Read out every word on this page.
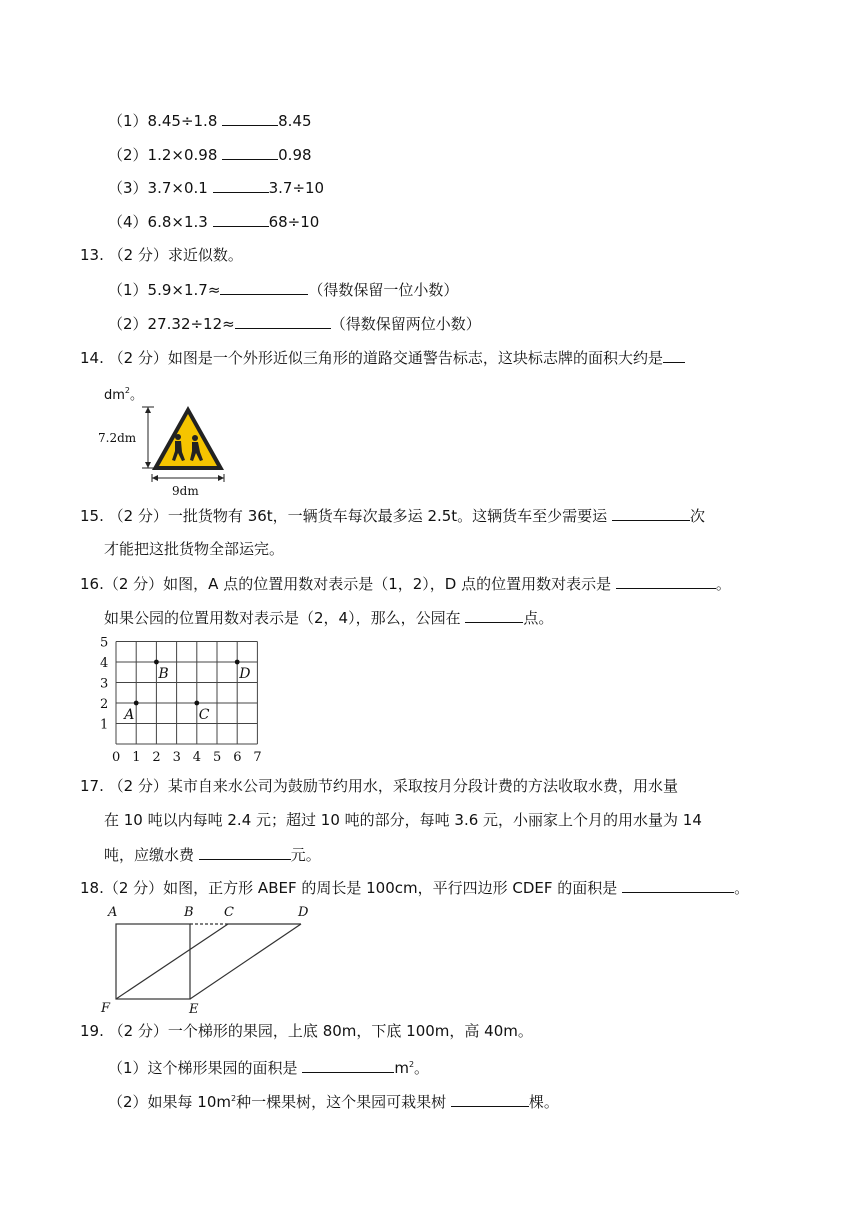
（1）8.45÷1.8	8.45
（2）1.2×0.98	0.98
（3）3.7×0.1	3.7÷10
（4）6.8×1.3	68÷10
13. （2 分）求近似数。
（1）5.9×1.7≈	（得数保留一位小数）
（2）27.32÷12≈	（得数保留两位小数）
14. （2 分）如图是一个外形近似三角形的道路交通警告标志，这块标志牌的面积大约是
$dm^2$。
7.2dm
9dm
15. （2 分）一批货物有 36t，一辆货车每次最多运 2.5t。这辆货车至少需要运	次
才能把这批货物全部运完。
16.（2 分）如图，A 点的位置用数对表示是（1，2），D 点的位置用数对表示是	。
如果公园的位置用数对表示是（2，4），那么，公园在	点。
0 1 2 3 4 5 6 7
1
2
3
4
5
A
B
C
D
17. （2 分）某市自来水公司为鼓励节约用水，采取按月分段计费的方法收取水费，用水量
在 10 吨以内每吨 2.4 元；超过 10 吨的部分，每吨 3.6 元，小丽家上个月的用水量为 14
吨，应缴水费	元。
18.（2 分）如图，正方形 ABEF 的周长是 100cm，平行四边形 CDEF 的面积是	。
A	B C	D
F	E
19. （2 分）一个梯形的果园，上底 80m，下底 100m，高 40m。
（1）这个梯形果园的面积是	$m^2$。
（2）如果每 $10m^2$种一棵果树，这个果园可栽果树	棵。
